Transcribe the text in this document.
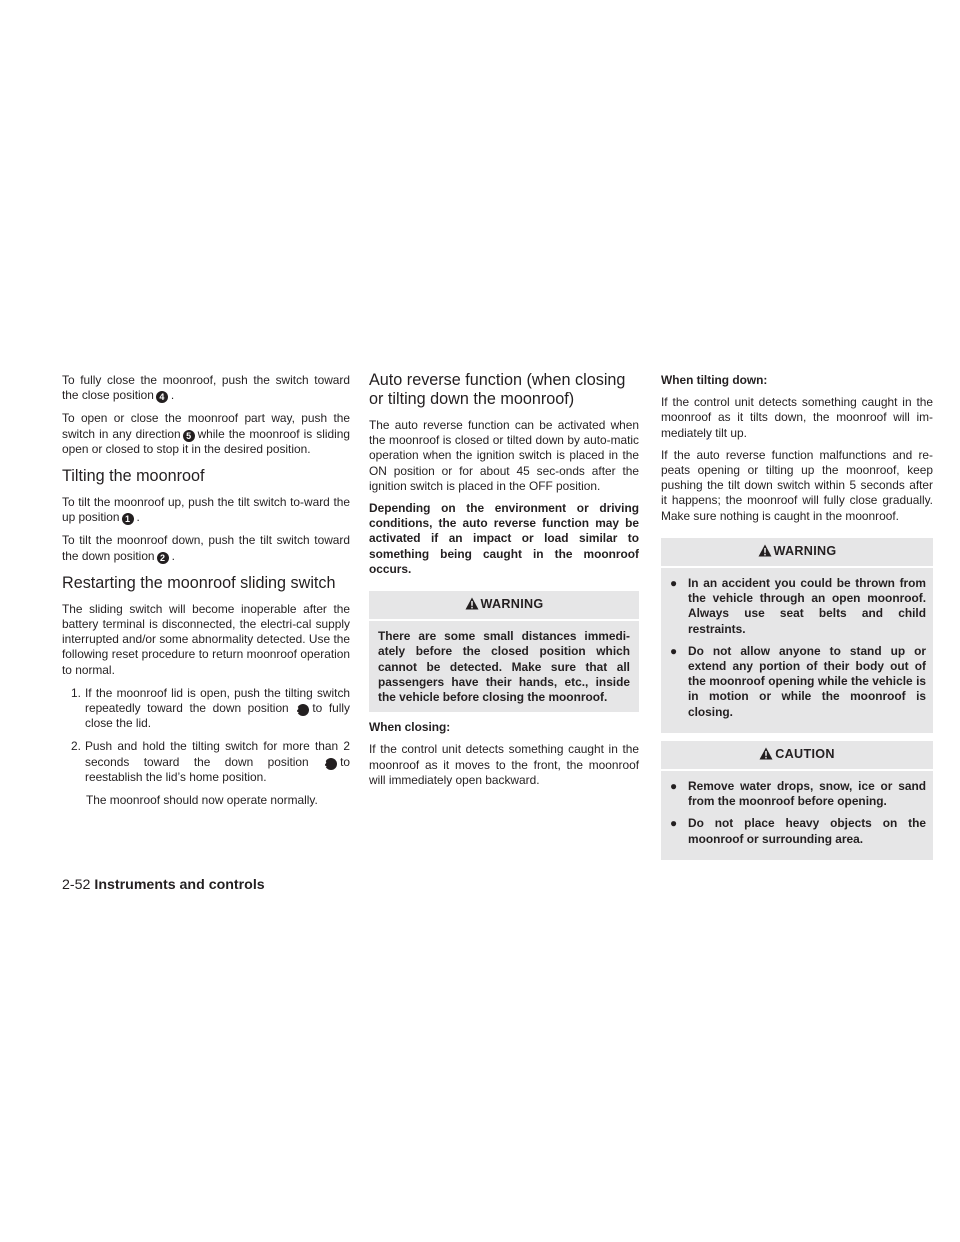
To fully close the moonroof, push the switch toward the close position 4 .

To open or close the moonroof part way, push the switch in any direction 5 while the moonroof is sliding open or closed to stop it in the desired position.

Tilting the moonroof

To tilt the moonroof up, push the tilt switch to-ward the up position 1 .

To tilt the moonroof down, push the tilt switch toward the down position 2 .

Restarting the moonroof sliding switch

The sliding switch will become inoperable after the battery terminal is disconnected, the electri-cal supply interrupted and/or some abnormality detected. Use the following reset procedure to return moonroof operation to normal.

1. If the moonroof lid is open, push the tilting switch repeatedly toward the down position 2 to fully close the lid.
2. Push and hold the tilting switch for more than 2 seconds toward the down position 2 to reestablish the lid’s home position.

The moonroof should now operate normally.

Auto reverse function (when closing or tilting down the moonroof)

The auto reverse function can be activated when the moonroof is closed or tilted down by auto-matic operation when the ignition switch is placed in the ON position or for about 45 sec-onds after the ignition switch is placed in the OFF position.

Depending on the environment or driving conditions, the auto reverse function may be activated if an impact or load similar to something being caught in the moonroof occurs.

WARNING
There are some small distances immedi-ately before the closed position which cannot be detected. Make sure that all passengers have their hands, etc., inside the vehicle before closing the moonroof.

When closing:

If the control unit detects something caught in the moonroof as it moves to the front, the moonroof will immediately open backward.

When tilting down:

If the control unit detects something caught in the moonroof as it tilts down, the moonroof will im-mediately tilt up.

If the auto reverse function malfunctions and re-peats opening or tilting up the moonroof, keep pushing the tilt down switch within 5 seconds after it happens; the moonroof will fully close gradually. Make sure nothing is caught in the moonroof.

WARNING
● In an accident you could be thrown from the vehicle through an open moonroof. Always use seat belts and child restraints.
● Do not allow anyone to stand up or extend any portion of their body out of the moonroof opening while the vehicle is in motion or while the moonroof is closing.
CAUTION
● Remove water drops, snow, ice or sand from the moonroof before opening.
● Do not place heavy objects on the moonroof or surrounding area.
2-52 Instruments and controls
